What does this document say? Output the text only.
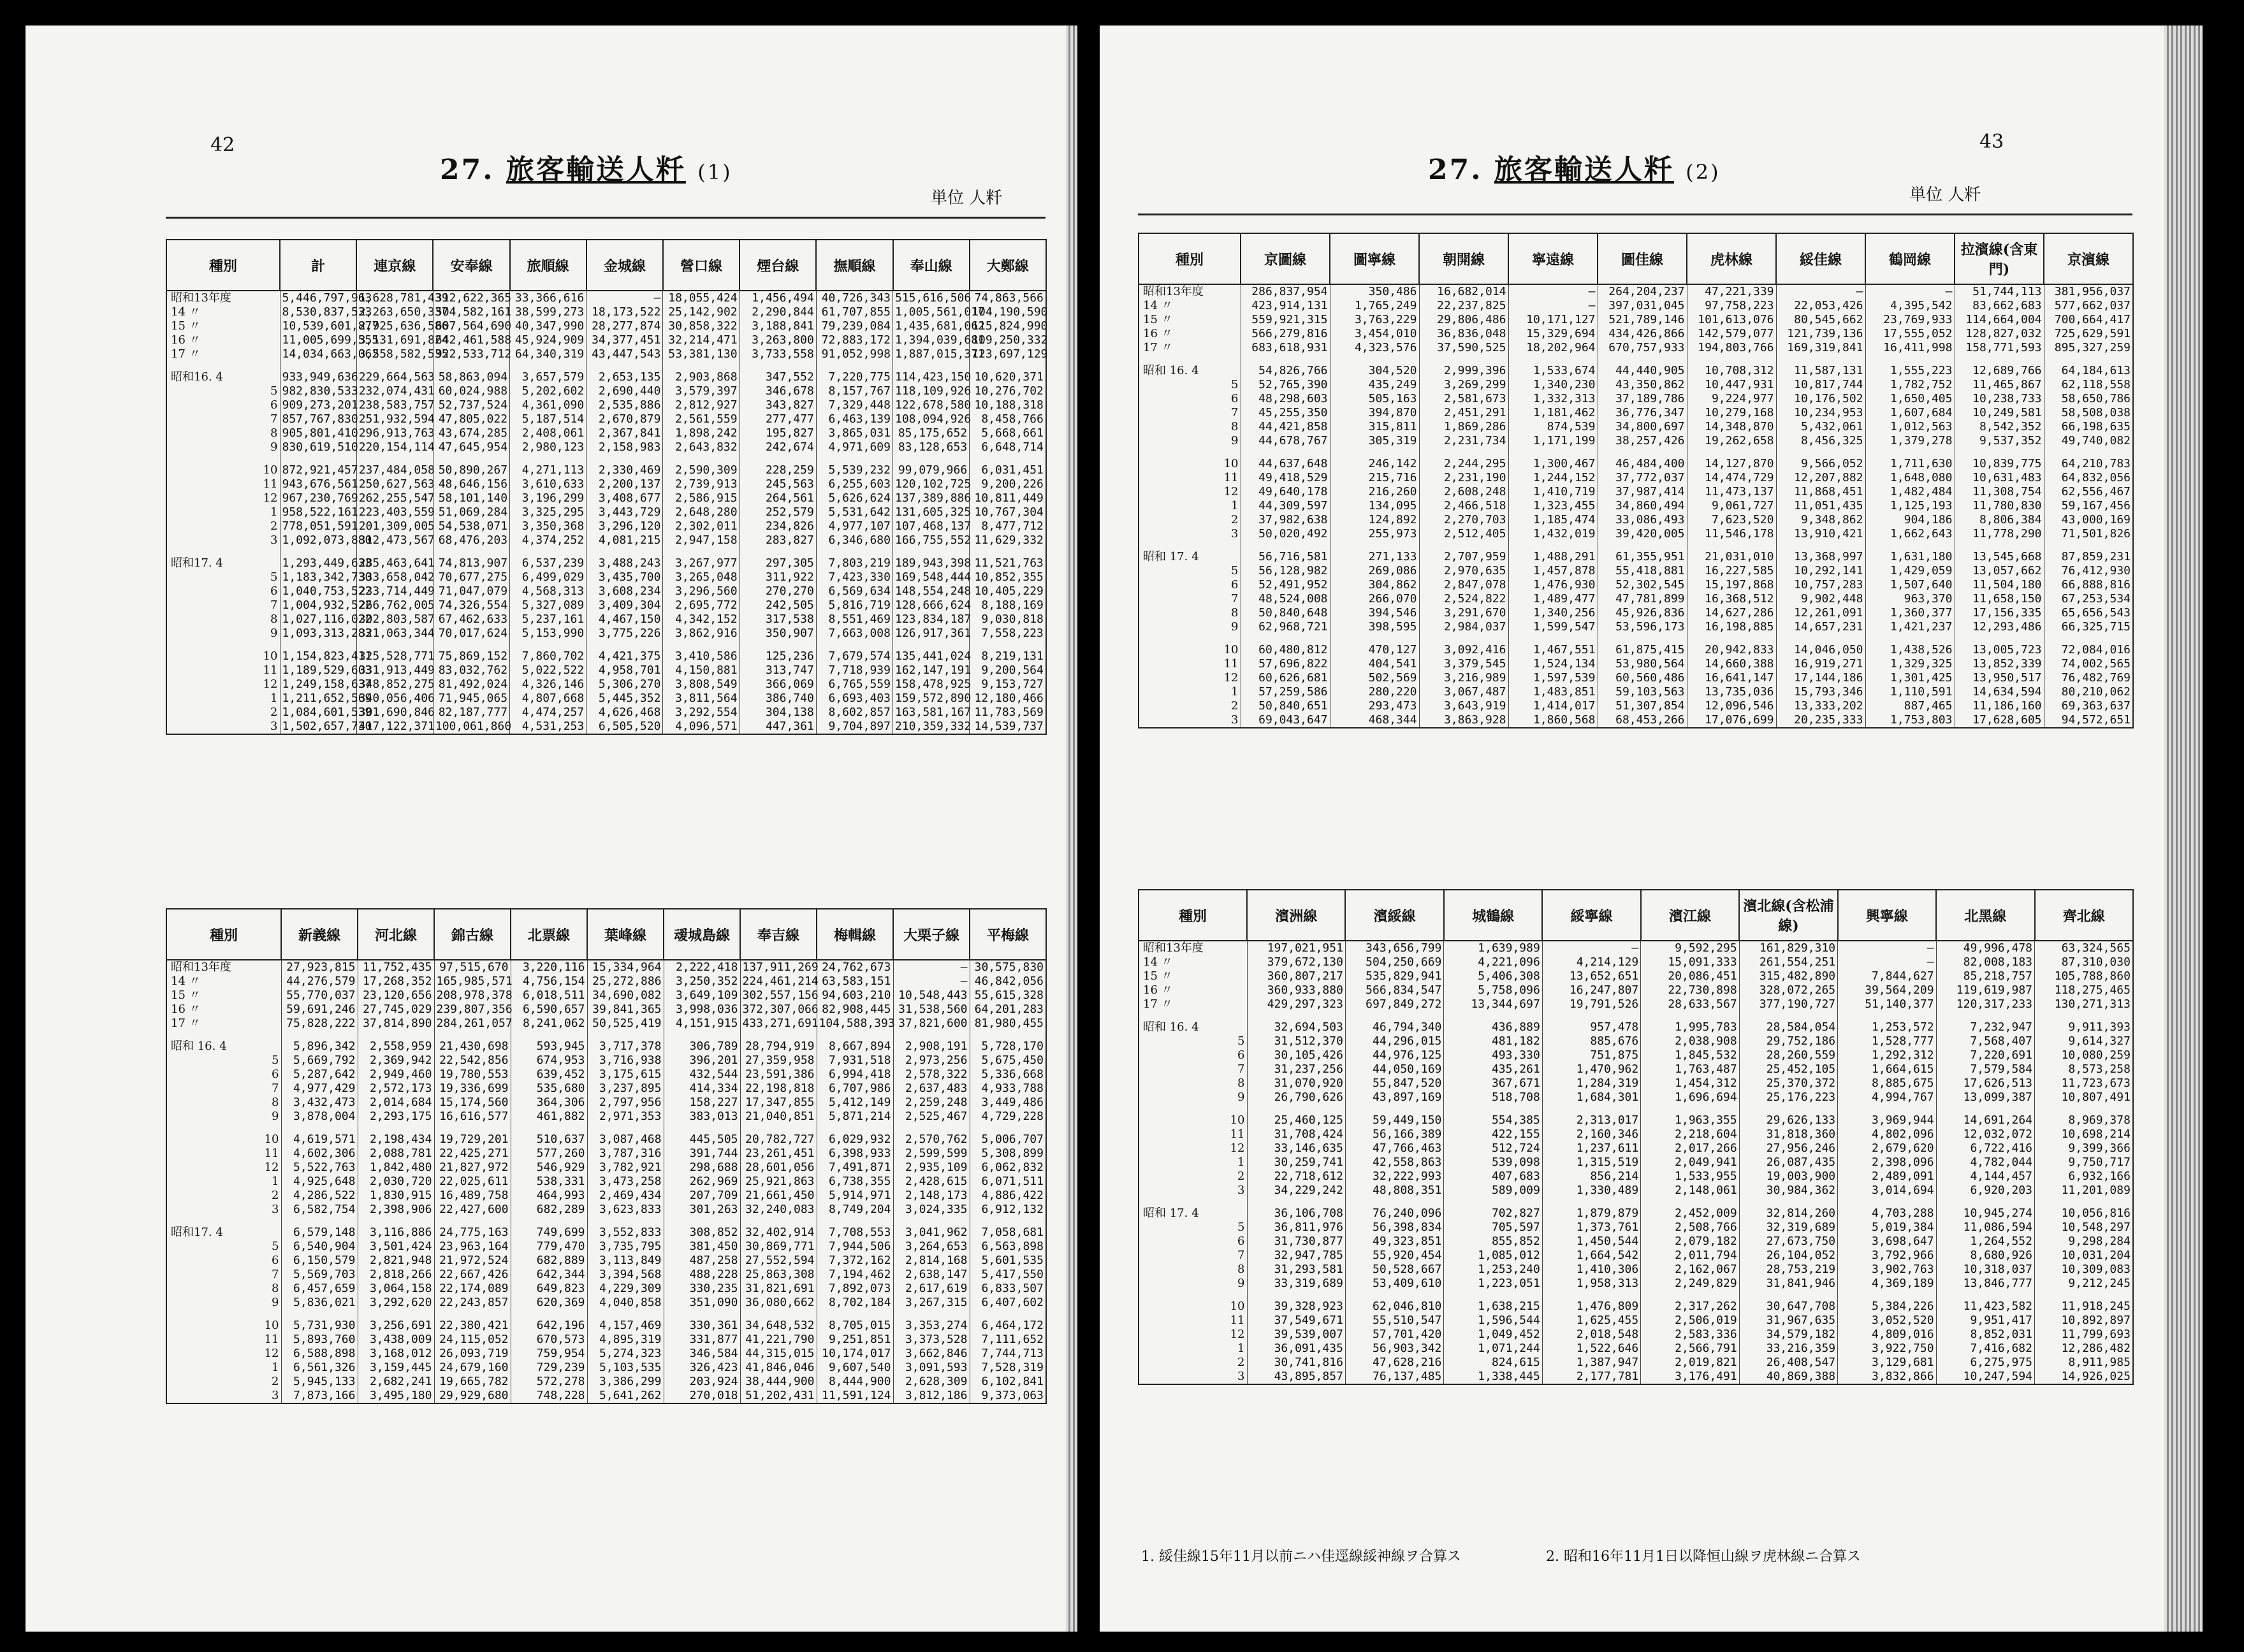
42
27. 旅客輸送人粁 (1)
単位 人粁
種別	計	連京線	安奉線	旅順線	金城線	營口線	煙台線	撫順線	奉山線	大鄭線
昭和13年度	5,446,797,963	1,628,781,439	312,622,365	33,366,616	—	18,055,424	1,456,494	40,726,343	515,616,506	74,863,566
14 〃	8,530,837,533	2,263,650,337	504,582,161	38,599,273	18,173,522	25,142,902	2,290,844	61,707,855	1,005,561,017	104,190,590
15 〃	10,539,601,877	2,925,636,586	607,564,690	40,347,990	28,277,874	30,858,322	3,188,841	79,239,084	1,435,681,062	115,824,990
16 〃	11,005,699,555	3,131,691,824	642,461,588	45,924,909	34,377,451	32,214,471	3,263,800	72,883,172	1,394,039,681	109,250,332
17 〃	14,034,663,062	3,558,582,535	922,533,712	64,340,319	43,447,543	53,381,130	3,733,558	91,052,998	1,887,015,371	123,697,129

昭和16. 4	933,949,636	229,664,563	58,863,094	3,657,579	2,653,135	2,903,868	347,552	7,220,775	114,423,150	10,620,371
5	982,830,533	232,074,431	60,024,988	5,202,602	2,690,440	3,579,397	346,678	8,157,767	118,109,926	10,276,702
6	909,273,201	238,583,757	52,737,524	4,361,090	2,535,886	2,812,927	343,827	7,329,448	122,678,580	10,188,318
7	857,767,830	251,932,594	47,805,022	5,187,514	2,670,879	2,561,559	277,477	6,463,139	108,094,926	8,458,766
8	905,801,410	296,913,763	43,674,285	2,408,061	2,367,841	1,898,242	195,827	3,865,031	85,175,652	5,668,661
9	830,619,510	220,154,114	47,645,954	2,980,123	2,158,983	2,643,832	242,674	4,971,609	83,128,653	6,648,714

10	872,921,457	237,484,058	50,890,267	4,271,113	2,330,469	2,590,309	228,259	5,539,232	99,079,966	6,031,451
11	943,676,561	250,627,563	48,646,156	3,610,633	2,200,137	2,739,913	245,563	6,255,603	120,102,725	9,200,226
12	967,230,769	262,255,547	58,101,140	3,196,299	3,408,677	2,586,915	264,561	5,626,624	137,389,886	10,811,449
1	958,522,161	223,403,559	51,069,284	3,325,295	3,443,729	2,648,280	252,579	5,531,642	131,605,325	10,767,304
2	778,051,591	201,309,005	54,538,071	3,350,368	3,296,120	2,302,011	234,826	4,977,107	107,468,137	8,477,712
3	1,092,073,880	312,473,567	68,476,203	4,374,252	4,081,215	2,947,158	283,827	6,346,680	166,755,552	11,629,332

昭和17. 4	1,293,449,633	285,463,641	74,813,907	6,537,239	3,488,243	3,267,977	297,305	7,803,219	189,943,398	11,521,763
5	1,183,342,730	333,658,042	70,677,275	6,499,029	3,435,700	3,265,048	311,922	7,423,330	169,548,444	10,852,355
6	1,040,753,522	233,714,449	71,047,079	4,568,313	3,608,234	3,296,560	270,270	6,569,634	148,554,248	10,405,229
7	1,004,932,522	266,762,005	74,326,554	5,327,089	3,409,304	2,695,772	242,505	5,816,719	128,666,624	8,188,169
8	1,027,116,022	302,803,587	67,462,633	5,237,161	4,467,150	4,342,152	317,538	8,551,469	123,834,187	9,030,818
9	1,093,313,283	321,063,344	70,017,624	5,153,990	3,775,226	3,862,916	350,907	7,663,008	126,917,361	7,558,223

10	1,154,823,411	325,528,771	75,869,152	7,860,702	4,421,375	3,410,586	125,236	7,679,574	135,441,024	8,219,131
11	1,189,529,603	331,913,449	83,032,762	5,022,522	4,958,701	4,150,881	313,747	7,718,939	162,147,191	9,200,564
12	1,249,158,637	348,852,275	81,492,024	4,326,146	5,306,270	3,808,549	366,069	6,765,559	158,478,925	9,153,727
1	1,211,652,569	340,056,406	71,945,065	4,807,668	5,445,352	3,811,564	386,740	6,693,403	159,572,890	12,180,466
2	1,084,601,539	301,690,846	82,187,777	4,474,257	4,626,468	3,292,554	304,138	8,602,857	163,581,167	11,783,569
3	1,502,657,730	417,122,371	100,061,860	4,531,253	6,505,520	4,096,571	447,361	9,704,897	210,359,332	14,539,737
種別	新義線	河北線	錦古線	北票線	葉峰線	叆城島線	奉吉線	梅輯線	大栗子線	平梅線
昭和13年度	27,923,815	11,752,435	97,515,670	3,220,116	15,334,964	2,222,418	137,911,269	24,762,673	—	30,575,830
14 〃	44,276,579	17,268,352	165,985,571	4,756,154	25,272,886	3,250,352	224,461,214	63,583,151	—	46,842,056
15 〃	55,770,037	23,120,656	208,978,378	6,018,511	34,690,082	3,649,109	302,557,156	94,603,210	10,548,443	55,615,328
16 〃	59,691,246	27,745,029	239,807,356	6,590,657	39,841,365	3,998,036	372,307,066	82,908,445	31,538,560	64,201,283
17 〃	75,828,222	37,814,890	284,261,057	8,241,062	50,525,419	4,151,915	433,271,691	104,588,393	37,821,600	81,980,455

昭和 16. 4	5,896,342	2,558,959	21,430,698	593,945	3,717,378	306,789	28,794,919	8,667,894	2,908,191	5,728,170
5	5,669,792	2,369,942	22,542,856	674,953	3,716,938	396,201	27,359,958	7,931,518	2,973,256	5,675,450
6	5,287,642	2,949,460	19,780,553	639,452	3,175,615	432,544	23,591,386	6,994,418	2,578,322	5,336,668
7	4,977,429	2,572,173	19,336,699	535,680	3,237,895	414,334	22,198,818	6,707,986	2,637,483	4,933,788
8	3,432,473	2,014,684	15,174,560	364,306	2,797,956	158,227	17,347,855	5,412,149	2,259,248	3,449,486
9	3,878,004	2,293,175	16,616,577	461,882	2,971,353	383,013	21,040,851	5,871,214	2,525,467	4,729,228

10	4,619,571	2,198,434	19,729,201	510,637	3,087,468	445,505	20,782,727	6,029,932	2,570,762	5,006,707
11	4,602,306	2,088,781	22,425,271	577,260	3,787,316	391,744	23,261,451	6,398,933	2,599,599	5,308,899
12	5,522,763	1,842,480	21,827,972	546,929	3,782,921	298,688	28,601,056	7,491,871	2,935,109	6,062,832
1	4,925,648	2,030,720	22,025,611	538,331	3,473,258	262,969	25,921,863	6,738,355	2,428,615	6,071,511
2	4,286,522	1,830,915	16,489,758	464,993	2,469,434	207,709	21,661,450	5,914,971	2,148,173	4,886,422
3	6,582,754	2,398,906	22,427,600	682,289	3,623,833	301,263	32,240,083	8,749,204	3,024,335	6,912,132

昭和17. 4	6,579,148	3,116,886	24,775,163	749,699	3,552,833	308,852	32,402,914	7,708,553	3,041,962	7,058,681
5	6,540,904	3,501,424	23,963,164	779,470	3,735,795	381,450	30,869,771	7,944,506	3,264,653	6,563,898
6	6,150,579	2,821,948	21,972,524	682,889	3,113,849	487,258	27,552,594	7,372,162	2,814,168	5,601,535
7	5,569,703	2,818,266	22,667,426	642,344	3,394,568	488,228	25,863,308	7,194,462	2,638,147	5,417,550
8	6,457,659	3,064,158	22,174,089	649,823	4,229,309	330,235	31,821,691	7,892,073	2,617,619	6,833,507
9	5,836,021	3,292,620	22,243,857	620,369	4,040,858	351,090	36,080,662	8,702,184	3,267,315	6,407,602

10	5,731,930	3,256,691	22,380,421	642,196	4,157,469	330,361	34,648,532	8,705,015	3,353,274	6,464,172
11	5,893,760	3,438,009	24,115,052	670,573	4,895,319	331,877	41,221,790	9,251,851	3,373,528	7,111,652
12	6,588,898	3,168,012	26,093,719	759,954	5,274,323	346,584	44,315,015	10,174,017	3,662,846	7,744,713
1	6,561,326	3,159,445	24,679,160	729,239	5,103,535	326,423	41,846,046	9,607,540	3,091,593	7,528,319
2	5,945,133	2,682,241	19,665,782	572,278	3,386,299	203,924	38,444,900	8,444,900	2,628,309	6,102,841
3	7,873,166	3,495,180	29,929,680	748,228	5,641,262	270,018	51,202,431	11,591,124	3,812,186	9,373,063
43
27. 旅客輸送人粁 (2)
単位 人粁
種別	京圖線	圖寧線	朝開線	寧遠線	圖佳線	虎林線	綏佳線	鶴岡線	拉濱線(含東門)	京濱線
昭和13年度	286,837,954	350,486	16,682,014	—	264,204,237	47,221,339	—	—	51,744,113	381,956,037
14 〃	423,914,131	1,765,249	22,237,825	—	397,031,045	97,758,223	22,053,426	4,395,542	83,662,683	577,662,037
15 〃	559,921,315	3,763,229	29,806,486	10,171,127	521,789,146	101,613,076	80,545,662	23,769,933	114,664,004	700,664,417
16 〃	566,279,816	3,454,010	36,836,048	15,329,694	434,426,866	142,579,077	121,739,136	17,555,052	128,827,032	725,629,591
17 〃	683,618,931	4,323,576	37,590,525	18,202,964	670,757,933	194,803,766	169,319,841	16,411,998	158,771,593	895,327,259

昭和 16. 4	54,826,766	304,520	2,999,396	1,533,674	44,440,905	10,708,312	11,587,131	1,555,223	12,689,766	64,184,613
5	52,765,390	435,249	3,269,299	1,340,230	43,350,862	10,447,931	10,817,744	1,782,752	11,465,867	62,118,558
6	48,298,603	505,163	2,581,673	1,332,313	37,189,786	9,224,977	10,176,502	1,650,405	10,238,733	58,650,786
7	45,255,350	394,870	2,451,291	1,181,462	36,776,347	10,279,168	10,234,953	1,607,684	10,249,581	58,508,038
8	44,421,858	315,811	1,869,286	874,539	34,800,697	14,348,870	5,432,061	1,012,563	8,542,352	66,198,635
9	44,678,767	305,319	2,231,734	1,171,199	38,257,426	19,262,658	8,456,325	1,379,278	9,537,352	49,740,082

10	44,637,648	246,142	2,244,295	1,300,467	46,484,400	14,127,870	9,566,052	1,711,630	10,839,775	64,210,783
11	49,418,529	215,716	2,231,190	1,244,152	37,772,037	14,474,729	12,207,882	1,648,080	10,631,483	64,832,056
12	49,640,178	216,260	2,608,248	1,410,719	37,987,414	11,473,137	11,868,451	1,482,484	11,308,754	62,556,467
1	44,309,597	134,095	2,466,518	1,323,455	34,860,494	9,061,727	11,051,435	1,125,193	11,780,830	59,167,456
2	37,982,638	124,892	2,270,703	1,185,474	33,086,493	7,623,520	9,348,862	904,186	8,806,384	43,000,169
3	50,020,492	255,973	2,512,405	1,432,019	39,420,005	11,546,178	13,910,421	1,662,643	11,778,290	71,501,826

昭和 17. 4	56,716,581	271,133	2,707,959	1,488,291	61,355,951	21,031,010	13,368,997	1,631,180	13,545,668	87,859,231
5	56,128,982	269,086	2,970,635	1,457,878	55,418,881	16,227,585	10,292,141	1,429,059	13,057,662	76,412,930
6	52,491,952	304,862	2,847,078	1,476,930	52,302,545	15,197,868	10,757,283	1,507,640	11,504,180	66,888,816
7	48,524,008	266,070	2,524,822	1,489,477	47,781,899	16,368,512	9,902,448	963,370	11,658,150	67,253,534
8	50,840,648	394,546	3,291,670	1,340,256	45,926,836	14,627,286	12,261,091	1,360,377	17,156,335	65,656,543
9	62,968,721	398,595	2,984,037	1,599,547	53,596,173	16,198,885	14,657,231	1,421,237	12,293,486	66,325,715

10	60,480,812	470,127	3,092,416	1,467,551	61,875,415	20,942,833	14,046,050	1,438,526	13,005,723	72,084,016
11	57,696,822	404,541	3,379,545	1,524,134	53,980,564	14,660,388	16,919,271	1,329,325	13,852,339	74,002,565
12	60,626,681	502,569	3,216,989	1,597,539	60,560,486	16,641,147	17,144,186	1,301,425	13,950,517	76,482,769
1	57,259,586	280,220	3,067,487	1,483,851	59,103,563	13,735,036	15,793,346	1,110,591	14,634,594	80,210,062
2	50,840,651	293,473	3,643,919	1,414,017	51,307,854	12,096,546	13,333,202	887,465	11,186,160	69,363,637
3	69,043,647	468,344	3,863,928	1,860,568	68,453,266	17,076,699	20,235,333	1,753,803	17,628,605	94,572,651
種別	濱洲線	濱綏線	城鶴線	綏寧線	濱江線	濱北線(含松浦線)	興寧線	北黑線	齊北線
昭和13年度	197,021,951	343,656,799	1,639,989	—	9,592,295	161,829,310	—	49,996,478	63,324,565
14 〃	379,672,130	504,250,669	4,221,096	4,214,129	15,091,333	261,554,251	—	82,008,183	87,310,030
15 〃	360,807,217	535,829,941	5,406,308	13,652,651	20,086,451	315,482,890	7,844,627	85,218,757	105,788,860
16 〃	360,933,880	566,834,547	5,758,096	16,247,807	22,730,898	328,072,265	39,564,209	119,619,987	118,275,465
17 〃	429,297,323	697,849,272	13,344,697	19,791,526	28,633,567	377,190,727	51,140,377	120,317,233	130,271,313

昭和 16. 4	32,694,503	46,794,340	436,889	957,478	1,995,783	28,584,054	1,253,572	7,232,947	9,911,393
5	31,512,370	44,296,015	481,182	885,676	2,038,908	29,752,186	1,528,777	7,568,407	9,614,327
6	30,105,426	44,976,125	493,330	751,875	1,845,532	28,260,559	1,292,312	7,220,691	10,080,259
7	31,237,256	44,050,169	435,261	1,470,962	1,763,487	25,452,105	1,664,615	7,579,584	8,573,258
8	31,070,920	55,847,520	367,671	1,284,319	1,454,312	25,370,372	8,885,675	17,626,513	11,723,673
9	26,790,626	43,897,169	518,708	1,684,301	1,696,694	25,176,223	4,994,767	13,099,387	10,807,491

10	25,460,125	59,449,150	554,385	2,313,017	1,963,355	29,626,133	3,969,944	14,691,264	8,969,378
11	31,708,424	56,166,389	422,155	2,160,346	2,218,604	31,818,360	4,802,096	12,032,072	10,698,214
12	33,146,635	47,766,463	512,724	1,237,611	2,017,266	27,956,246	2,679,620	6,722,416	9,399,366
1	30,259,741	42,558,863	539,098	1,315,519	2,049,941	26,087,435	2,398,096	4,782,044	9,750,717
2	22,718,612	32,222,993	407,683	856,214	1,533,955	19,003,900	2,489,091	4,144,457	6,932,166
3	34,229,242	48,808,351	589,009	1,330,489	2,148,061	30,984,362	3,014,694	6,920,203	11,201,089

昭和 17. 4	36,106,708	76,240,096	702,827	1,879,879	2,452,009	32,814,260	4,703,288	10,945,274	10,056,816
5	36,811,976	56,398,834	705,597	1,373,761	2,508,766	32,319,689	5,019,384	11,086,594	10,548,297
6	31,730,877	49,323,851	855,852	1,450,544	2,079,182	27,673,750	3,698,647	1,264,552	9,298,284
7	32,947,785	55,920,454	1,085,012	1,664,542	2,011,794	26,104,052	3,792,966	8,680,926	10,031,204
8	31,293,581	50,528,667	1,253,240	1,410,306	2,162,067	28,753,219	3,902,763	10,318,037	10,309,083
9	33,319,689	53,409,610	1,223,051	1,958,313	2,249,829	31,841,946	4,369,189	13,846,777	9,212,245

10	39,328,923	62,046,810	1,638,215	1,476,809	2,317,262	30,647,708	5,384,226	11,423,582	11,918,245
11	37,549,671	55,510,547	1,596,544	1,625,455	2,506,019	31,967,635	3,052,520	9,951,417	10,892,897
12	39,539,007	57,701,420	1,049,452	2,018,548	2,583,336	34,579,182	4,809,016	8,852,031	11,799,693
1	36,091,435	56,903,342	1,071,244	1,522,646	2,566,791	33,216,359	3,922,750	7,416,682	12,286,482
2	30,741,816	47,628,216	824,615	1,387,947	2,019,821	26,408,547	3,129,681	6,275,975	8,911,985
3	43,895,857	76,137,485	1,338,445	2,177,781	3,176,491	40,869,388	3,832,866	10,247,594	14,926,025
1. 綏佳線15年11月以前ニハ佳逕線綏神線ヲ合算ス	2. 昭和16年11月1日以降恒山線ヲ虎林線ニ合算ス
